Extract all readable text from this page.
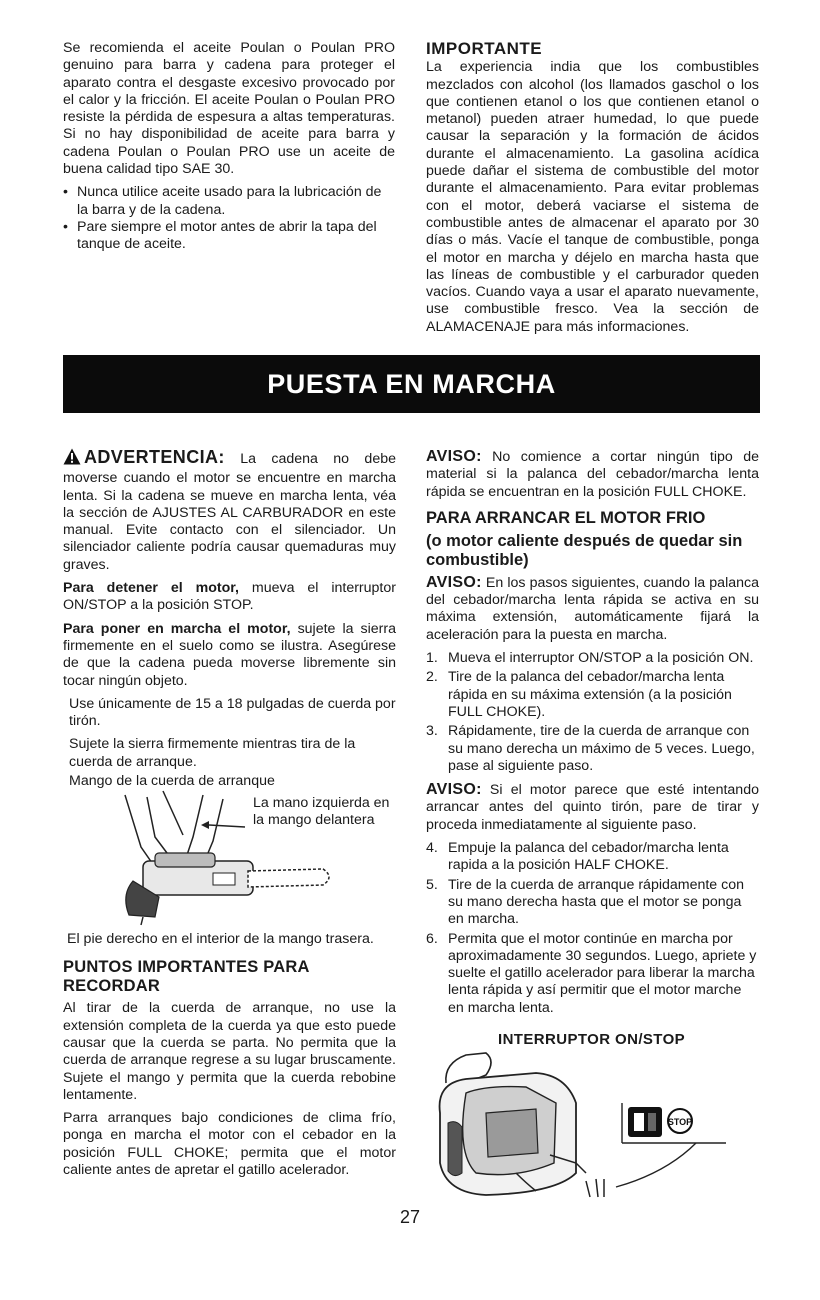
Se recomienda el aceite Poulan o Poulan PRO genuino para barra y cadena para proteger el aparato contra el desgaste excesivo provocado por el calor y la fricción. El aceite Poulan o Poulan PRO resiste la pérdida de espesura a altas temperaturas. Si no hay disponibilidad de aceite para barra y cadena Poulan o Poulan PRO use un aceite de buena calidad tipo SAE 30.

• Nunca utilice aceite usado para la lubricación de la barra y de la cadena.
• Pare siempre el motor antes de abrir la tapa del tanque de aceite.
IMPORTANTE

La experiencia india que los combustibles mezclados con alcohol (los llamados gaschol o los que contienen etanol o los que contienen etanol o metanol) pueden atraer humedad, lo que puede causar la separación y la formación de ácidos durante el almacenamiento. La gasolina acídica puede dañar el sistema de combustible del motor durante el almacenamiento. Para evitar problemas con el motor, deberá vaciarse el sistema de combustible antes de almacenar el aparato por 30 días o más. Vacíe el tanque de combustible, ponga el motor en marcha y déjelo en marcha hasta que las líneas de combustible y el carburador queden vacíos. Cuando vaya a usar el aparato nuevamente, use combustible fresco. Vea la sección de ALAMACENAJE para más informaciones.

PUESTA EN MARCHA

ADVERTENCIA: La cadena no debe moverse cuando el motor se encuentre en marcha lenta. Si la cadena se mueve en marcha lenta, véa la sección de AJUSTES AL CARBURADOR en este manual. Evite contacto con el silenciador. Un silenciador caliente podría causar quemaduras muy graves.

Para detener el motor, mueva el interruptor ON/STOP a la posición STOP.

Para poner en marcha el motor, sujete la sierra firmemente en el suelo como se ilustra. Asegúrese de que la cadena pueda moverse libremente sin tocar ningún objeto.

Use únicamente de 15 a 18 pulgadas de cuerda por tirón.

Sujete la sierra firmemente mientras tira de la cuerda de arranque.

Mango de la cuerda de arranque
La mano izquierda en la mango delantera

El pie derecho en el interior de la mango trasera.

PUNTOS IMPORTANTES PARA RECORDAR

Al tirar de la cuerda de arranque, no use la extensión completa de la cuerda ya que esto puede causar que la cuerda se parta. No permita que la cuerda de arranque regrese a su lugar bruscamente. Sujete el mango y permita que la cuerda rebobine lentamente.

Parra arranques bajo condiciones de clima frío, ponga en marcha el motor con el cebador en la posición FULL CHOKE; permita que el motor caliente antes de apretar el gatillo acelerador.

AVISO: No comience a cortar ningún tipo de material si la palanca del cebador/marcha lenta rápida se encuentran en la posición FULL CHOKE.

PARA ARRANCAR EL MOTOR FRIO
(o motor caliente después de quedar sin combustible)

AVISO: En los pasos siguientes, cuando la palanca del cebador/marcha lenta rápida se activa en su máxima extensión, automáticamente fijará la aceleración para la puesta en marcha.

1. Mueva el interruptor ON/STOP a la posición ON.
2. Tire de la palanca del cebador/marcha lenta rápida en su máxima extensión (a la posición FULL CHOKE).
3. Rápidamente, tire de la cuerda de arranque con su mano derecha un máximo de 5 veces. Luego, pase al siguiente paso.

AVISO: Si el motor parece que esté intentando arrancar antes del quinto tirón, pare de tirar y proceda inmediatamente al siguiente paso.

4. Empuje la palanca del cebador/marcha lenta rapida a la posición HALF CHOKE.
5. Tire de la cuerda de arranque rápidamente con su mano derecha hasta que el motor se ponga en marcha.
6. Permita que el motor continúe en marcha por aproximadamente 30 segundos. Luego, apriete y suelte el gatillo acelerador para liberar la marcha lenta rápida y así permitir que el motor marche en marcha lenta.
INTERRUPTOR ON/STOP
STOP
27
